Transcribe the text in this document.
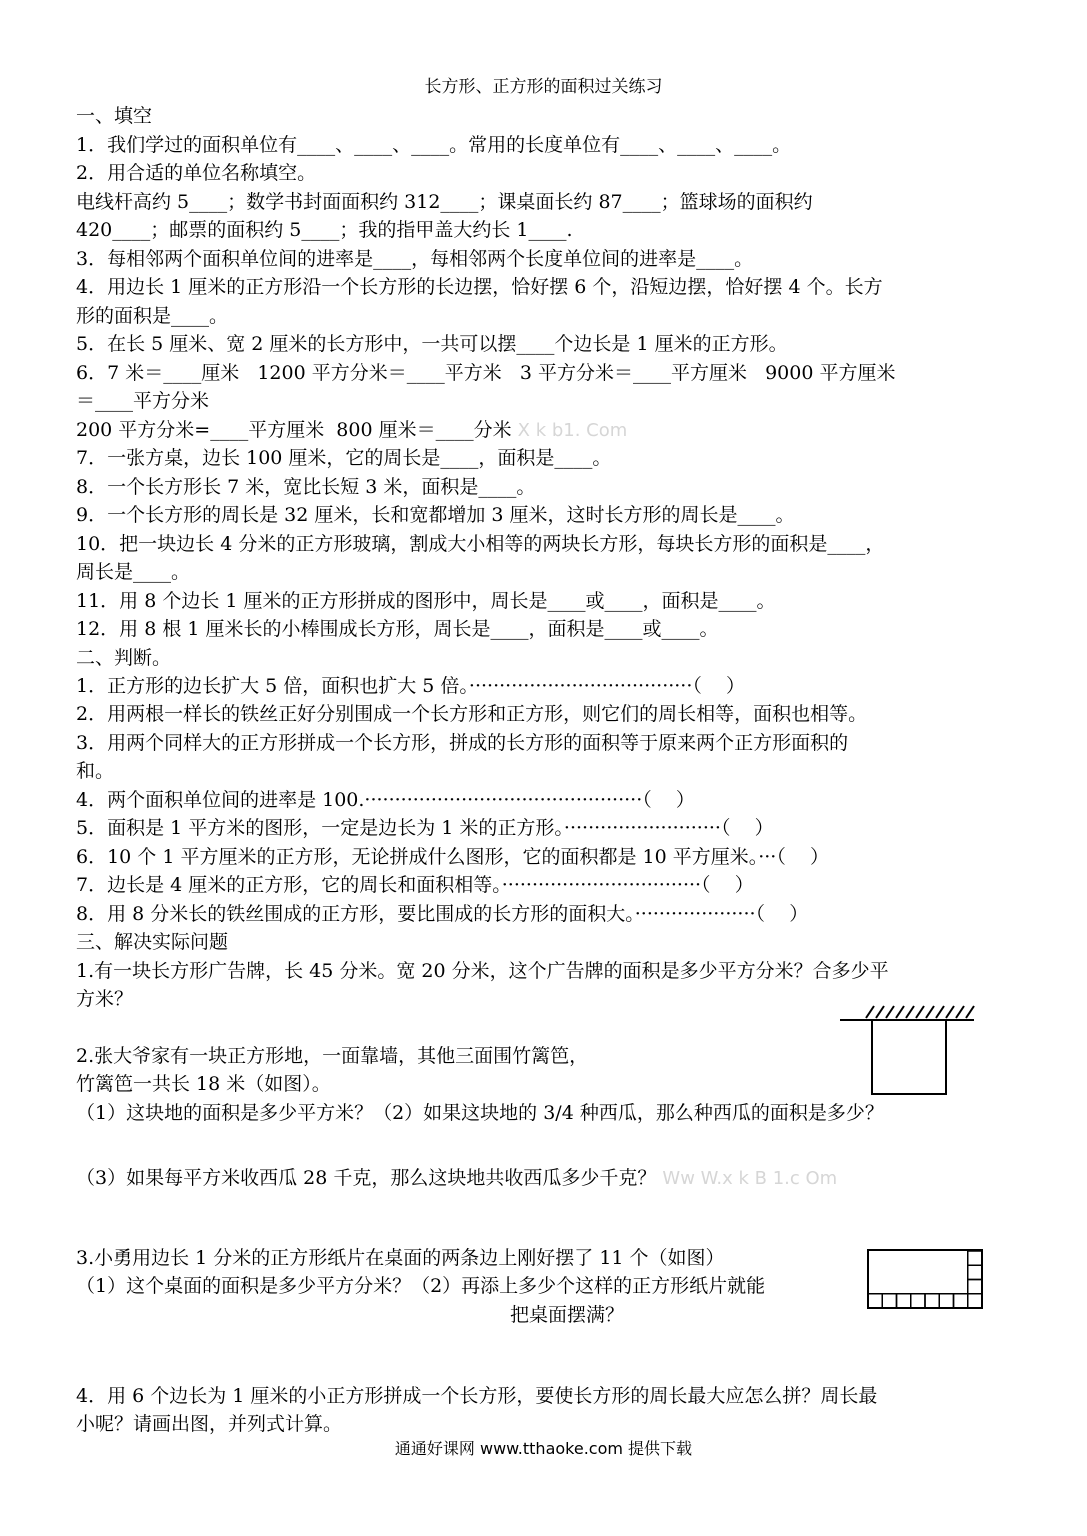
长方形、正方形的面积过关练习
一、填空
1．我们学过的面积单位有____、____、____。常用的长度单位有____、____、____。
2．用合适的单位名称填空。
电线杆高约 5____；数学书封面面积约 312____；课桌面长约 87____；篮球场的面积约
420____；邮票的面积约 5____；我的指甲盖大约长 1____.
3．每相邻两个面积单位间的进率是____，每相邻两个长度单位间的进率是____。
4．用边长 1 厘米的正方形沿一个长方形的长边摆，恰好摆 6 个，沿短边摆，恰好摆 4 个。长方
形的面积是____。
5．在长 5 厘米、宽 2 厘米的长方形中，一共可以摆____个边长是 1 厘米的正方形。
6．7 米＝____厘米   1200 平方分米＝____平方米   3 平方分米＝____平方厘米   9000 平方厘米
＝____平方分米
200 平方分米=____平方厘米  800 厘米＝____分米 X k b1. Com
7．一张方桌，边长 100 厘米，它的周长是____，面积是____。
8．一个长方形长 7 米，宽比长短 3 米，面积是____。
9．一个长方形的周长是 32 厘米，长和宽都增加 3 厘米，这时长方形的周长是____。
10．把一块边长 4 分米的正方形玻璃，割成大小相等的两块长方形，每块长方形的面积是____，
周长是____。
11．用 8 个边长 1 厘米的正方形拼成的图形中，周长是____或____，面积是____。
12．用 8 根 1 厘米长的小棒围成长方形，周长是____，面积是____或____。
二、判断。
1．正方形的边长扩大 5 倍，面积也扩大 5 倍。·····································（    ）
2．用两根一样长的铁丝正好分别围成一个长方形和正方形，则它们的周长相等，面积也相等。
3．用两个同样大的正方形拼成一个长方形，拼成的长方形的面积等于原来两个正方形面积的
和。
4．两个面积单位间的进率是 100.··············································（    ）
5．面积是 1 平方米的图形，一定是边长为 1 米的正方形。··························（    ）
6．10 个 1 平方厘米的正方形，无论拼成什么图形，它的面积都是 10 平方厘米。···（    ）
7．边长是 4 厘米的正方形，它的周长和面积相等。·································（    ）
8．用 8 分米长的铁丝围成的正方形，要比围成的长方形的面积大。····················（    ）
三、解决实际问题
1.有一块长方形广告牌，长 45 分米。宽 20 分米，这个广告牌的面积是多少平方分米？合多少平
方米？
2.张大爷家有一块正方形地，一面靠墙，其他三面围竹篱笆，
竹篱笆一共长 18 米（如图）。
（1）这块地的面积是多少平方米？（2）如果这块地的 3/4 种西瓜，那么种西瓜的面积是多少？
（3）如果每平方米收西瓜 28 千克，那么这块地共收西瓜多少千克？ Ww W.x k B 1.c Om
3.小勇用边长 1 分米的正方形纸片在桌面的两条边上刚好摆了 11 个（如图）
（1）这个桌面的面积是多少平方分米？（2）再添上多少个这样的正方形纸片就能
把桌面摆满？
4．用 6 个边长为 1 厘米的小正方形拼成一个长方形，要使长方形的周长最大应怎么拼？周长最
小呢？请画出图，并列式计算。
通通好课网 www.tthaoke.com 提供下载
